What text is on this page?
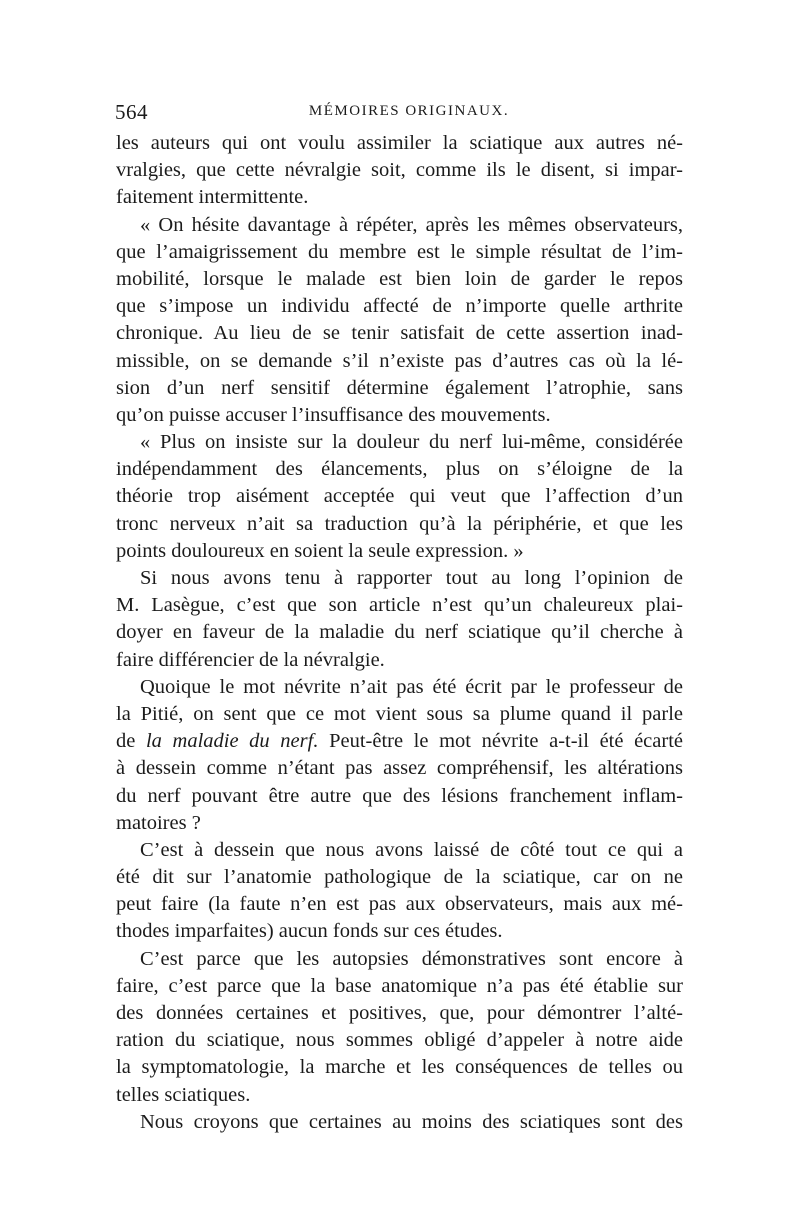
564	MÉMOIRES ORIGINAUX.
les auteurs qui ont voulu assimiler la sciatique aux autres né-
vralgies, que cette névralgie soit, comme ils le disent, si impar-
faitement intermittente.
« On hésite davantage à répéter, après les mêmes observateurs,
que l’amaigrissement du membre est le simple résultat de l’im-
mobilité, lorsque le malade est bien loin de garder le repos
que s’impose un individu affecté de n’importe quelle arthrite
chronique. Au lieu de se tenir satisfait de cette assertion inad-
missible, on se demande s’il n’existe pas d’autres cas où la lé-
sion d’un nerf sensitif détermine également l’atrophie, sans
qu’on puisse accuser l’insuffisance des mouvements.
« Plus on insiste sur la douleur du nerf lui-même, considérée
indépendamment des élancements, plus on s’éloigne de la
théorie trop aisément acceptée qui veut que l’affection d’un
tronc nerveux n’ait sa traduction qu’à la périphérie, et que les
points douloureux en soient la seule expression. »
Si nous avons tenu à rapporter tout au long l’opinion de
M. Lasègue, c’est que son article n’est qu’un chaleureux plai-
doyer en faveur de la maladie du nerf sciatique qu’il cherche à
faire différencier de la névralgie.
Quoique le mot névrite n’ait pas été écrit par le professeur de
la Pitié, on sent que ce mot vient sous sa plume quand il parle
de la maladie du nerf. Peut-être le mot névrite a-t-il été écarté
à dessein comme n’étant pas assez compréhensif, les altérations
du nerf pouvant être autre que des lésions franchement inflam-
matoires ?
C’est à dessein que nous avons laissé de côté tout ce qui a
été dit sur l’anatomie pathologique de la sciatique, car on ne
peut faire (la faute n’en est pas aux observateurs, mais aux mé-
thodes imparfaites) aucun fonds sur ces études.
C’est parce que les autopsies démonstratives sont encore à
faire, c’est parce que la base anatomique n’a pas été établie sur
des données certaines et positives, que, pour démontrer l’alté-
ration du sciatique, nous sommes obligé d’appeler à notre aide
la symptomatologie, la marche et les conséquences de telles ou
telles sciatiques.
Nous croyons que certaines au moins des sciatiques sont des
